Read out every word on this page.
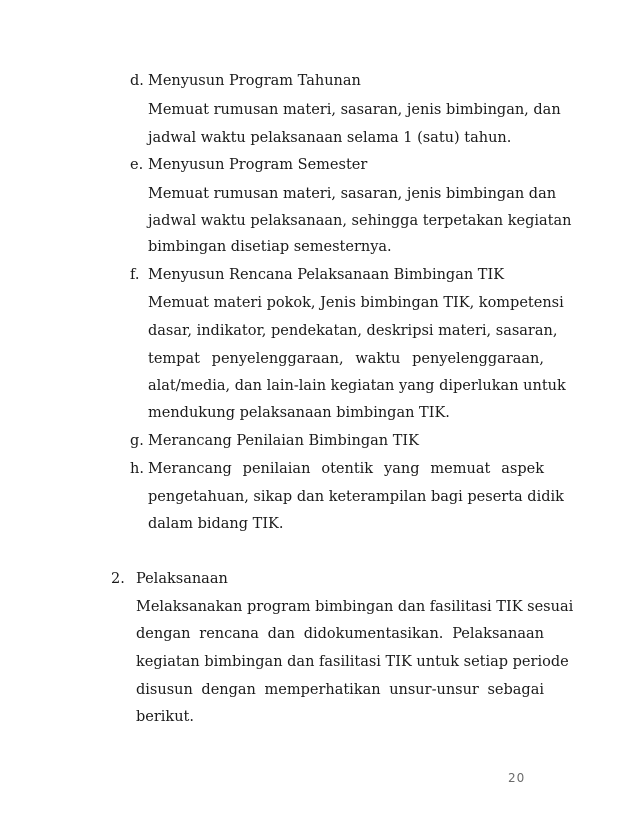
d. Menyusun Program Tahunan
Memuat rumusan materi, sasaran, jenis bimbingan, dan
jadwal waktu pelaksanaan selama 1 (satu) tahun.
e. Menyusun Program Semester
Memuat rumusan materi, sasaran, jenis bimbingan dan
jadwal waktu pelaksanaan, sehingga terpetakan kegiatan
bimbingan disetiap semesternya.
f. Menyusun Rencana Pelaksanaan Bimbingan TIK
Memuat materi pokok, Jenis bimbingan TIK, kompetensi
dasar, indikator, pendekatan, deskripsi materi, sasaran,
tempat penyelenggaraan, waktu penyelenggaraan,
alat/media, dan lain-lain kegiatan yang diperlukan untuk
mendukung pelaksanaan bimbingan TIK.
g. Merancang Penilaian Bimbingan TIK
h. Merancang penilaian otentik yang memuat aspek
pengetahuan, sikap dan keterampilan bagi peserta didik
dalam bidang TIK.
2. Pelaksanaan
Melaksanakan program bimbingan dan fasilitasi TIK sesuai
dengan rencana dan didokumentasikan. Pelaksanaan
kegiatan bimbingan dan fasilitasi TIK untuk setiap periode
disusun dengan memperhatikan unsur-unsur sebagai
berikut.
20
